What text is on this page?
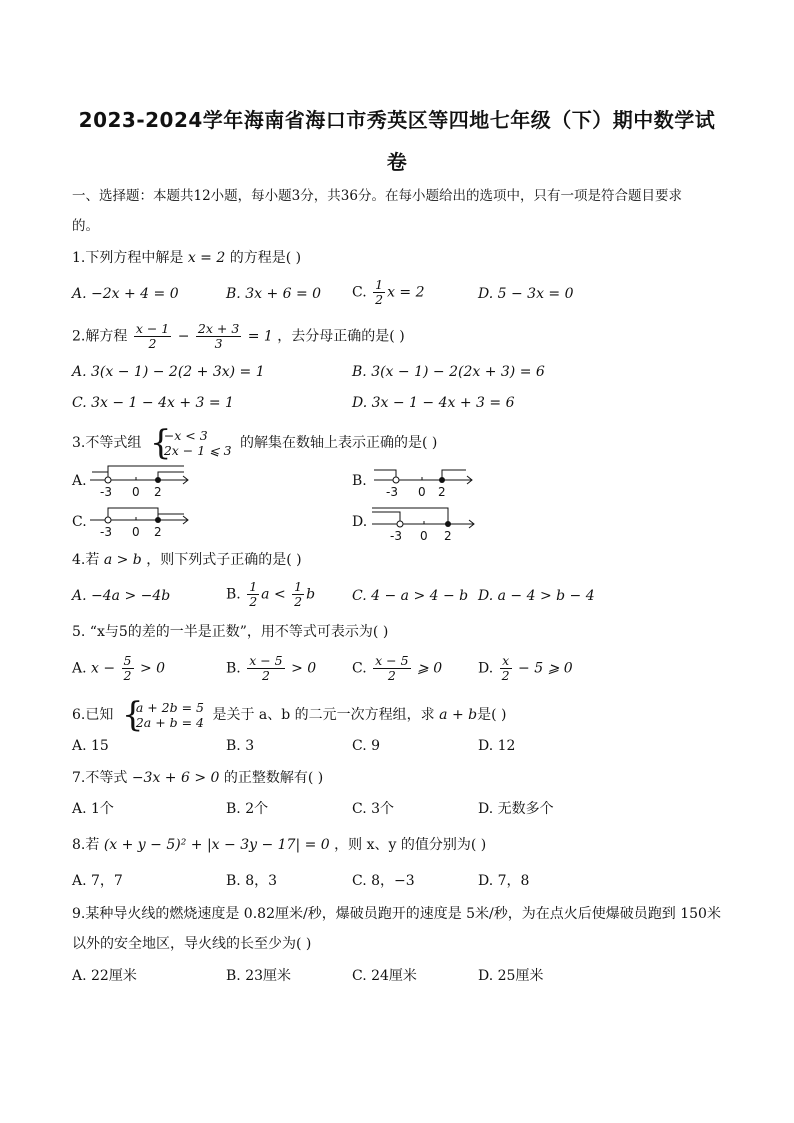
2023-2024学年海南省海口市秀英区等四地七年级（下）期中数学试
卷
一、选择题：本题共12小题，每小题3分，共36分。在每小题给出的选项中，只有一项是符合题目要求
的。
1.下列方程中解是 x = 2 的方程是( )
A. −2x + 4 = 0	B. 3x + 6 = 0 C. $\frac{1}{2}$ x = 2	D. 5 − 3x = 0
2.解方程 $\frac{x - 1}{2} - \frac{2x + 3}{3} = 1$ ，去分母正确的是( )
A. 3(x − 1) − 2(2 + 3x) = 1	B. 3(x − 1) − 2(2x + 3) = 6
C. 3x − 1 − 4x + 3 = 1	D. 3x − 1 − 4x + 3 = 6
3.不等式组 {
−x < 3
2x − 1 ⩽ 3 的解集在数轴上表示正确的是( )
A.
-3 0 2
B.
-3 0 2
C.
-3 0 2
D.
-3 0 2
4.若 a > b ，则下列式子正确的是( )
A. −4a > −4b	B. $\frac{1}{2}$ $a < \frac{1}{2}$ b	C. 4 − a > 4 − b D. a − 4 > b − 4
5. “x与5的差的一半是正数”，用不等式可表示为( )
A. $x - \frac{5}{2} > 0$	B. $\frac{x - 5}{2} > 0$	C. $\frac{x - 5}{2}$ ⩾ 0	D. $\frac{x}{2} - 5$ ⩾ 0
6.已知 {
a + 2b = 5
2a + b = 4 是关于 a、b 的二元一次方程组，求 a + b是( )
A. 15	B. 3	C. 9	D. 12
7.不等式 −3x + 6 > 0 的正整数解有( )
A. 1个	B. 2个	C. 3个	D. 无数多个
8.若 (x + y − 5)² + |x − 3y − 17| = 0 ，则 x、y 的值分别为( )
A. 7，7	B. 8，3	C. 8，−3	D. 7，8
9.某种导火线的燃烧速度是 0.82厘米/秒，爆破员跑开的速度是 5米/秒，为在点火后使爆破员跑到 150米
以外的安全地区，导火线的长至少为( )
A. 22厘米	B. 23厘米	C. 24厘米	D. 25厘米
